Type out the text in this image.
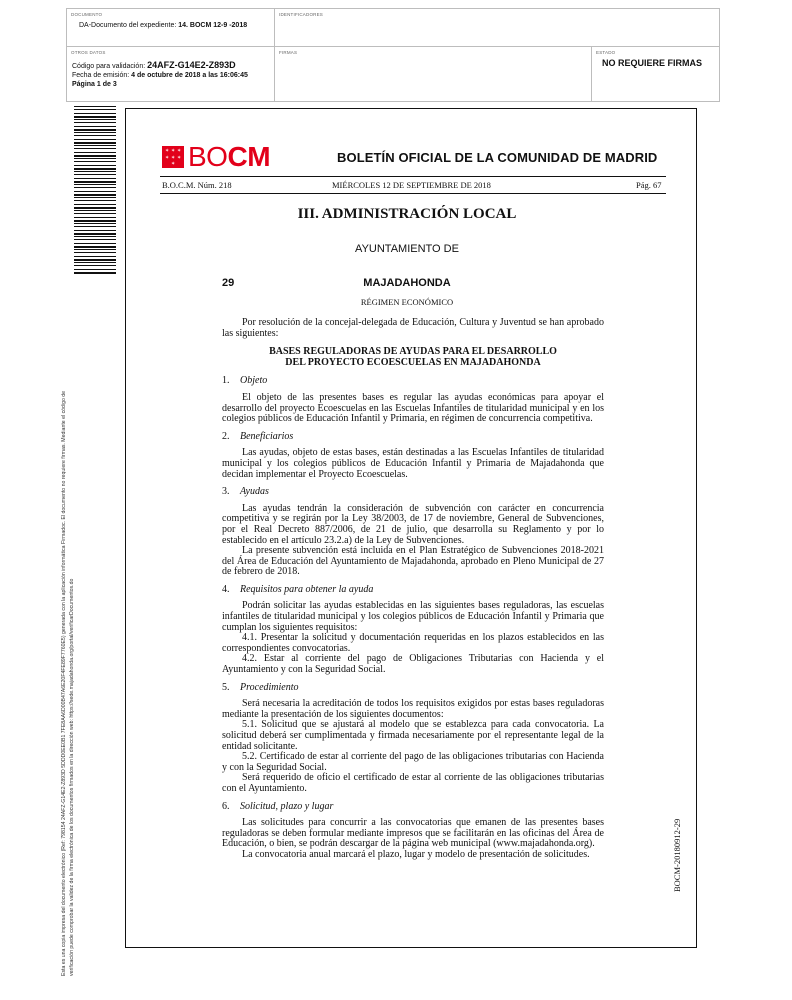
DOCUMENTO
DA-Documento del expediente: 14. BOCM 12-9 -2018
IDENTIFICADORES
OTROS DATOS
Código para validación: 24AFZ-G14E2-Z893D
Fecha de emisión: 4 de octubre de 2018 a las 16:06:45
Página 1 de 3
FIRMAS	ESTADO
NO REQUIERE FIRMAS
Esta es una copia impresa del documento electrónico (Ref: 798154 24AFZ-G14E2-Z893D 5DDD0EE0B1 7FE8AA6D00B47A6E20F4FE89F7760E5) generada con la aplicación informática Firmadoc. El documento no requiere firmas. Mediante el código de verificación puede comprobar la validez de la firma electrónica de los documentos firmados en la dirección web: https://sede.majadahonda.org/portal/verificarDocumentos.do	BOCM-20180912-29
✶ ✶ ✶
✶ ✶ ✶
✶ BOCM	BOLETÍN OFICIAL DE LA COMUNIDAD DE MADRID
B.O.C.M. Núm. 218	MIÉRCOLES 12 DE SEPTIEMBRE DE 2018	Pág. 67
III. ADMINISTRACIÓN LOCAL
AYUNTAMIENTO DE
29	MAJADAHONDA
RÉGIMEN ECONÓMICO

Por resolución de la concejal-delegada de Educación, Cultura y Juventud se han aprobado las siguientes:

BASES REGULADORAS DE AYUDAS PARA EL DESARROLLO
DEL PROYECTO ECOESCUELAS EN MAJADAHONDA
1. Objeto

El objeto de las presentes bases es regular las ayudas económicas para apoyar el desarrollo del proyecto Ecoescuelas en las Escuelas Infantiles de titularidad municipal y en los colegios públicos de Educación Infantil y Primaria, en régimen de concurrencia competitiva.

2. Beneficiarios

Las ayudas, objeto de estas bases, están destinadas a las Escuelas Infantiles de titularidad municipal y los colegios públicos de Educación Infantil y Primaria de Majadahonda que decidan implementar el Proyecto Ecoescuelas.

3. Ayudas

Las ayudas tendrán la consideración de subvención con carácter en concurrencia competitiva y se regirán por la Ley 38/2003, de 17 de noviembre, General de Subvenciones, por el Real Decreto 887/2006, de 21 de julio, que desarrolla su Reglamento y por lo establecido en el artículo 23.2.a) de la Ley de Subvenciones.

La presente subvención está incluida en el Plan Estratégico de Subvenciones 2018-2021 del Área de Educación del Ayuntamiento de Majadahonda, aprobado en Pleno Municipal de 27 de febrero de 2018.

4. Requisitos para obtener la ayuda

Podrán solicitar las ayudas establecidas en las siguientes bases reguladoras, las escuelas infantiles de titularidad municipal y los colegios públicos de Educación Infantil y Primaria que cumplan los siguientes requisitos:

4.1. Presentar la solicitud y documentación requeridas en los plazos establecidos en las correspondientes convocatorias.

4.2. Estar al corriente del pago de Obligaciones Tributarias con Hacienda y el Ayuntamiento y con la Seguridad Social.

5. Procedimiento

Será necesaria la acreditación de todos los requisitos exigidos por estas bases reguladoras mediante la presentación de los siguientes documentos:

5.1. Solicitud que se ajustará al modelo que se establezca para cada convocatoria. La solicitud deberá ser cumplimentada y firmada necesariamente por el representante legal de la entidad solicitante.

5.2. Certificado de estar al corriente del pago de las obligaciones tributarias con Hacienda y con la Seguridad Social.

Será requerido de oficio el certificado de estar al corriente de las obligaciones tributarias con el Ayuntamiento.

6. Solicitud, plazo y lugar

Las solicitudes para concurrir a las convocatorias que emanen de las presentes bases reguladoras se deben formular mediante impresos que se facilitarán en las oficinas del Área de Educación, o bien, se podrán descargar de la página web municipal (www.majadahonda.org).

La convocatoria anual marcará el plazo, lugar y modelo de presentación de solicitudes.
